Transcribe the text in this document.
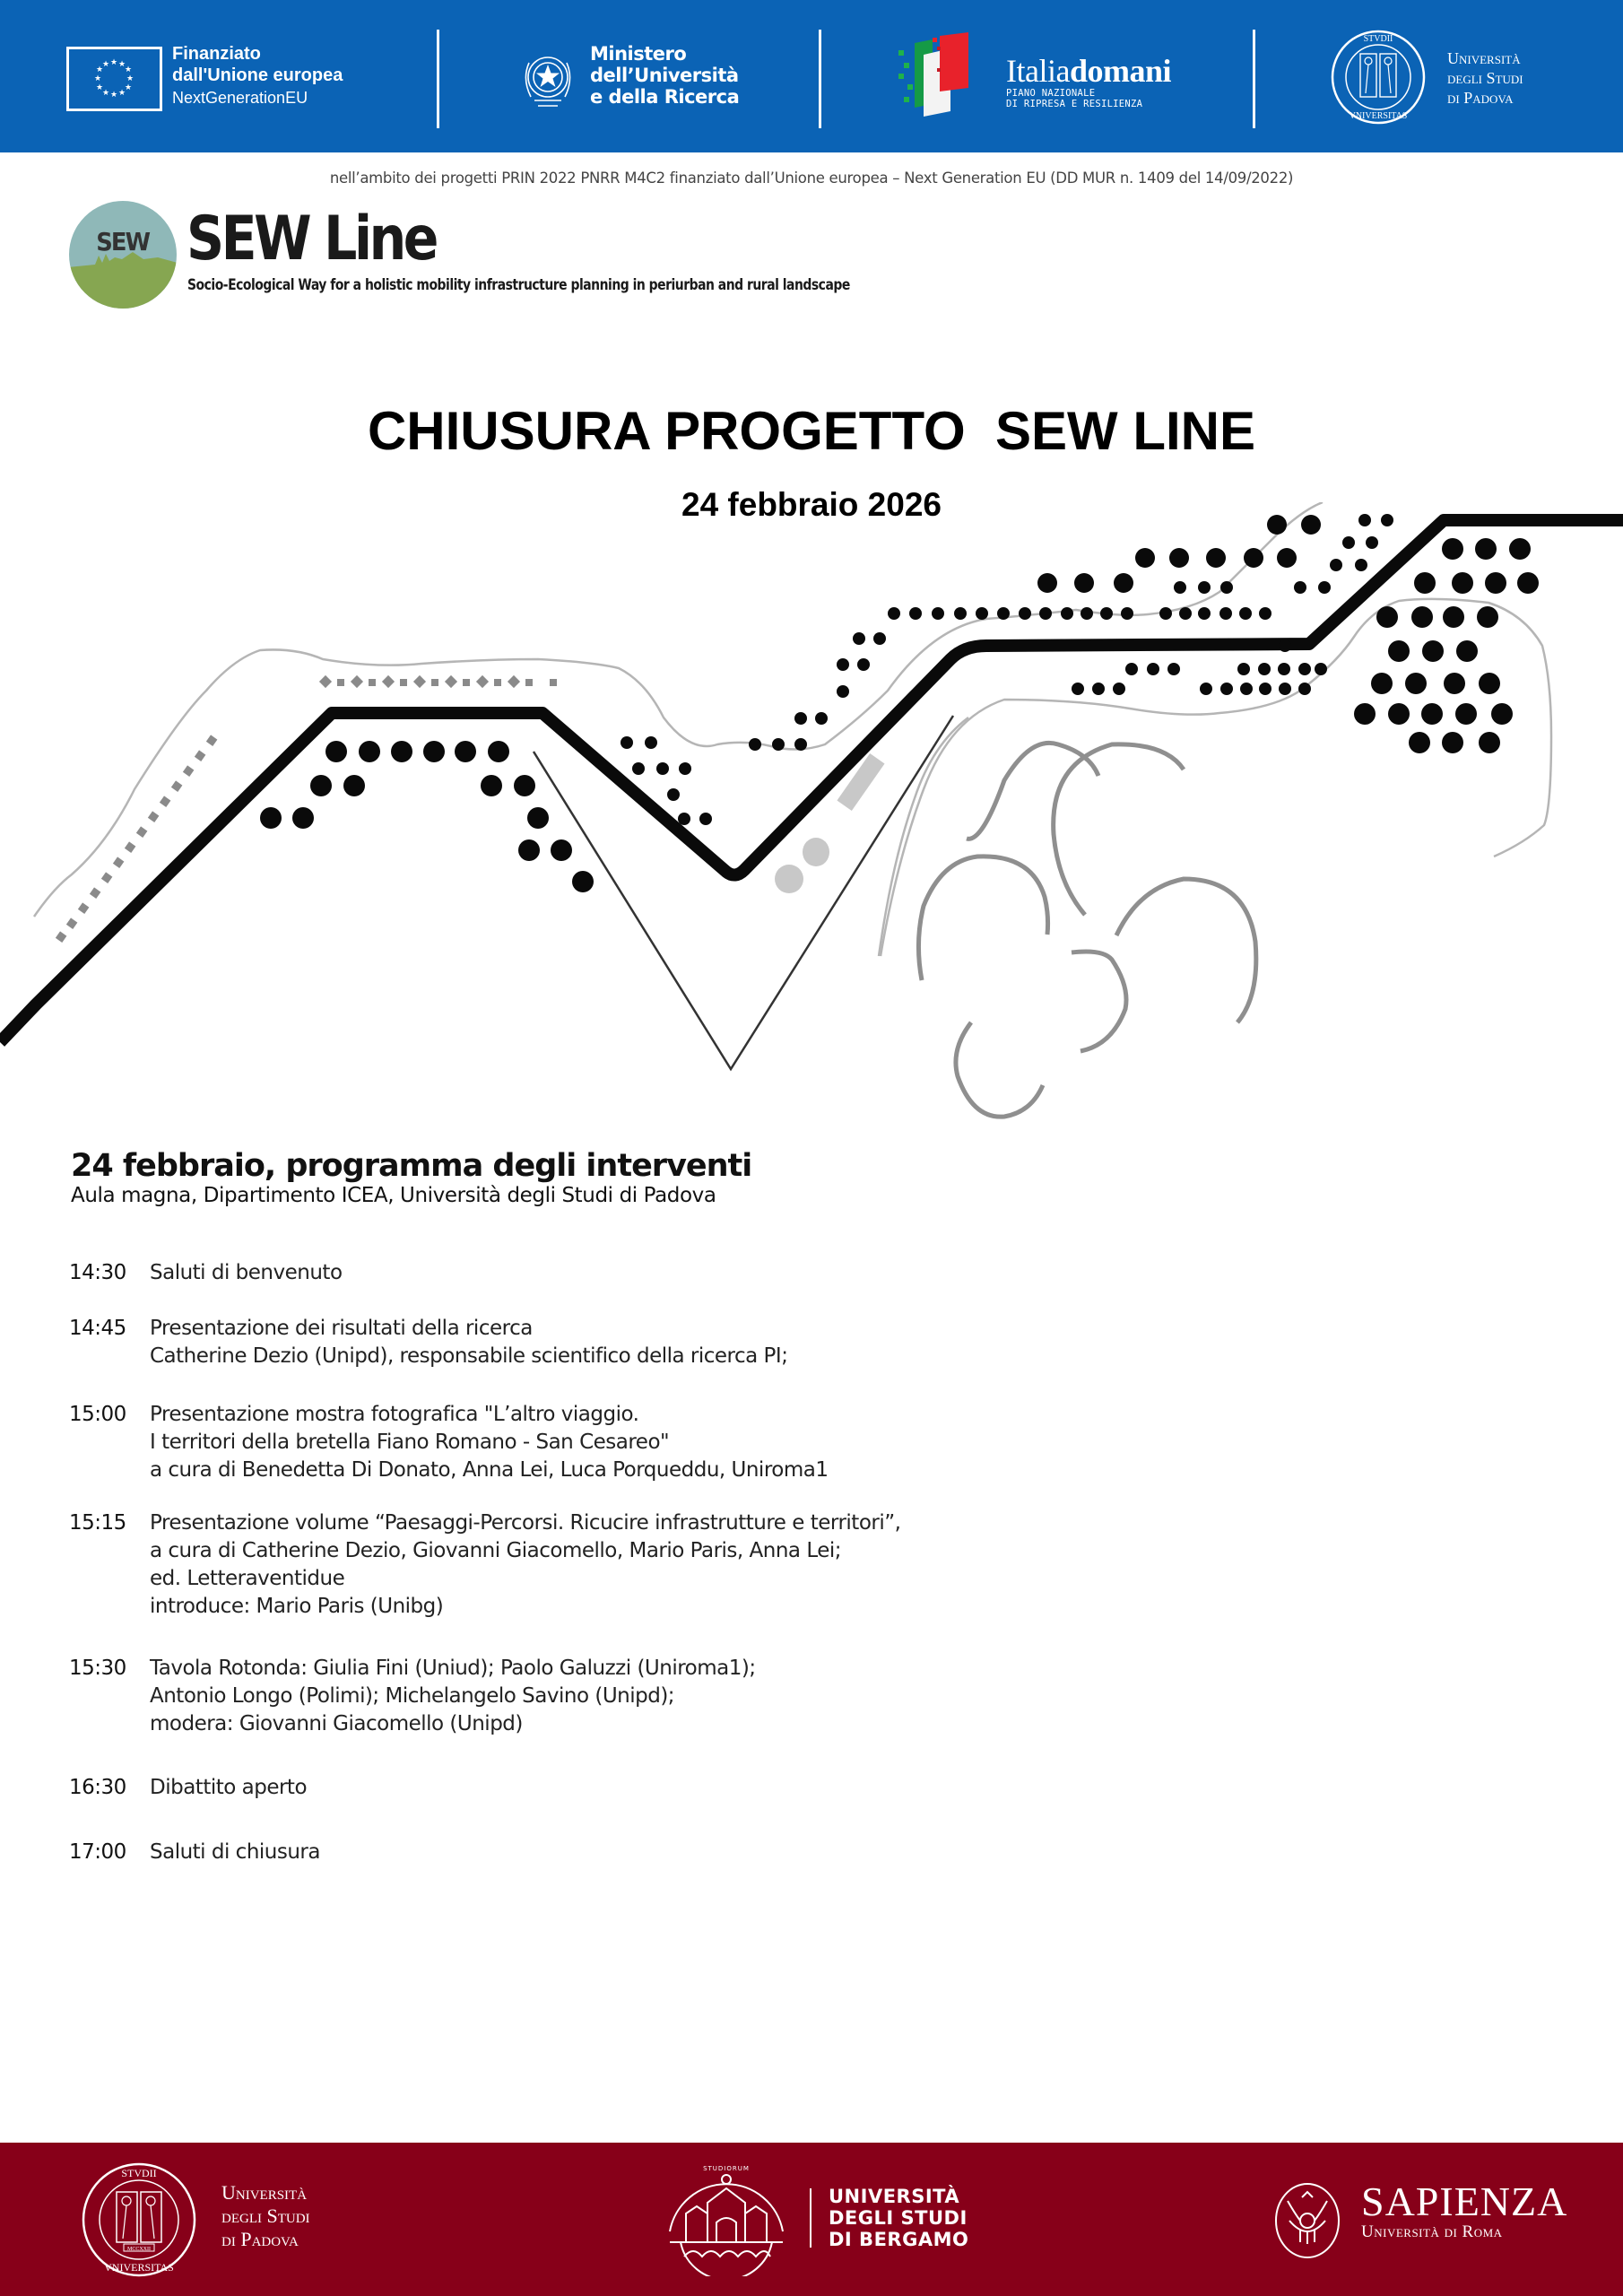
★ ★
★
★
★
★
★
★
★
★
★
★
Finanziato
dall'Unione europea
NextGenerationEU
Ministero
dell’Università
e della Ricerca
Italiadomani
PIANO NAZIONALE
DI RIPRESA E RESILIENZA
STVDII
VNIVERSITAS
Università
degli Studi
di Padova
nell’ambito dei progetti PRIN 2022 PNRR M4C2 finanziato dall’Unione europea – Next Generation EU (DD MUR n. 1409 del 14/09/2022)
SEW SEW Line
Socio-Ecological Way for a holistic mobility infrastructure planning in periurban and rural landscape
CHIUSURA PROGETTO  SEW LINE
24 febbraio 2026
24 febbraio, programma degli interventi
Aula magna, Dipartimento ICEA, Università degli Studi di Padova
14:30	Saluti di benvenuto
14:45	Presentazione dei risultati della ricerca
Catherine Dezio (Unipd), responsabile scientifico della ricerca PI;
15:00	Presentazione mostra fotografica "L’altro viaggio.
I territori della bretella Fiano Romano - San Cesareo"
a cura di Benedetta Di Donato, Anna Lei, Luca Porqueddu, Uniroma1
15:15	Presentazione volume “Paesaggi-Percorsi. Ricucire infrastrutture e territori”,
a cura di Catherine Dezio, Giovanni Giacomello, Mario Paris, Anna Lei;
ed. Letteraventidue
introduce: Mario Paris (Unibg)
15:30	Tavola Rotonda: Giulia Fini (Uniud); Paolo Galuzzi (Uniroma1);
Antonio Longo (Polimi); Michelangelo Savino (Unipd);
modera: Giovanni Giacomello (Unipd)
16:30	Dibattito aperto
17:00	Saluti di chiusura
STVDII
VNIVERSITAS
MCCXXII
Università
degli Studi
di Padova
STUDIORUM
UNIVERSITÀ
DEGLI STUDI
DI BERGAMO
SAPIENZA
Università di Roma
